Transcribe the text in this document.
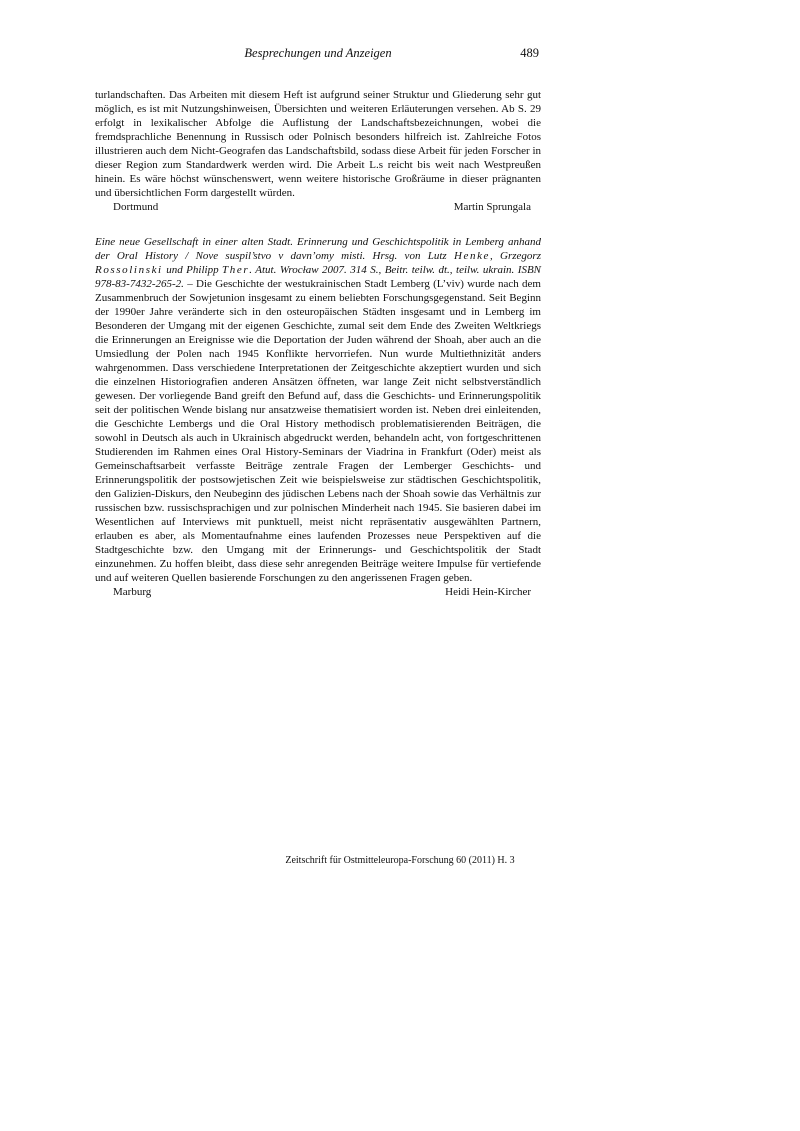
Besprechungen und Anzeigen	489

turlandschaften. Das Arbeiten mit diesem Heft ist aufgrund seiner Struktur und Gliederung sehr gut möglich, es ist mit Nutzungshinweisen, Übersichten und weiteren Erläuterungen versehen. Ab S. 29 erfolgt in lexikalischer Abfolge die Auflistung der Landschaftsbezeichnungen, wobei die fremdsprachliche Benennung in Russisch oder Polnisch besonders hilfreich ist. Zahlreiche Fotos illustrieren auch dem Nicht-Geografen das Landschaftsbild, sodass diese Arbeit für jeden Forscher in dieser Region zum Standardwerk werden wird. Die Arbeit L.s reicht bis weit nach Westpreußen hinein. Es wäre höchst wünschenswert, wenn weitere historische Großräume in dieser prägnanten und übersichtlichen Form dargestellt würden.

Dortmund	Martin Sprungala

Eine neue Gesellschaft in einer alten Stadt. Erinnerung und Geschichtspolitik in Lemberg anhand der Oral History / Nove suspil’stvo v davn’omy misti. Hrsg. von Lutz Henke, Grzegorz Rossolinski und Philipp Ther. Atut. Wrocław 2007. 314 S., Beitr. teilw. dt., teilw. ukrain. ISBN 978-83-7432-265-2. – Die Geschichte der westukrainischen Stadt Lemberg (L’viv) wurde nach dem Zusammenbruch der Sowjetunion insgesamt zu einem beliebten Forschungsgegenstand. Seit Beginn der 1990er Jahre veränderte sich in den osteuropäischen Städten insgesamt und in Lemberg im Besonderen der Umgang mit der eigenen Geschichte, zumal seit dem Ende des Zweiten Weltkriegs die Erinnerungen an Ereignisse wie die Deportation der Juden während der Shoah, aber auch an die Umsiedlung der Polen nach 1945 Konflikte hervorriefen. Nun wurde Multiethnizität anders wahrgenommen. Dass verschiedene Interpretationen der Zeitgeschichte akzeptiert wurden und sich die einzelnen Historiografien anderen Ansätzen öffneten, war lange Zeit nicht selbstverständlich gewesen. Der vorliegende Band greift den Befund auf, dass die Geschichts- und Erinnerungspolitik seit der politischen Wende bislang nur ansatzweise thematisiert worden ist. Neben drei einleitenden, die Geschichte Lembergs und die Oral History methodisch problematisierenden Beiträgen, die sowohl in Deutsch als auch in Ukrainisch abgedruckt werden, behandeln acht, von fortgeschrittenen Studierenden im Rahmen eines Oral History-Seminars der Viadrina in Frankfurt (Oder) meist als Gemeinschaftsarbeit verfasste Beiträge zentrale Fragen der Lemberger Geschichts- und Erinnerungspolitik der postsowjetischen Zeit wie beispielsweise zur städtischen Geschichtspolitik, den Galizien-Diskurs, den Neubeginn des jüdischen Lebens nach der Shoah sowie das Verhältnis zur russischen bzw. russischsprachigen und zur polnischen Minderheit nach 1945. Sie basieren dabei im Wesentlichen auf Interviews mit punktuell, meist nicht repräsentativ ausgewählten Partnern, erlauben es aber, als Momentaufnahme eines laufenden Prozesses neue Perspektiven auf die Stadtgeschichte bzw. den Umgang mit der Erinnerungs- und Geschichtspolitik der Stadt einzunehmen. Zu hoffen bleibt, dass diese sehr anregenden Beiträge weitere Impulse für vertiefende und auf weiteren Quellen basierende Forschungen zu den angerissenen Fragen geben.

Marburg	Heidi Hein-Kircher
Zeitschrift für Ostmitteleuropa-Forschung 60 (2011) H. 3
